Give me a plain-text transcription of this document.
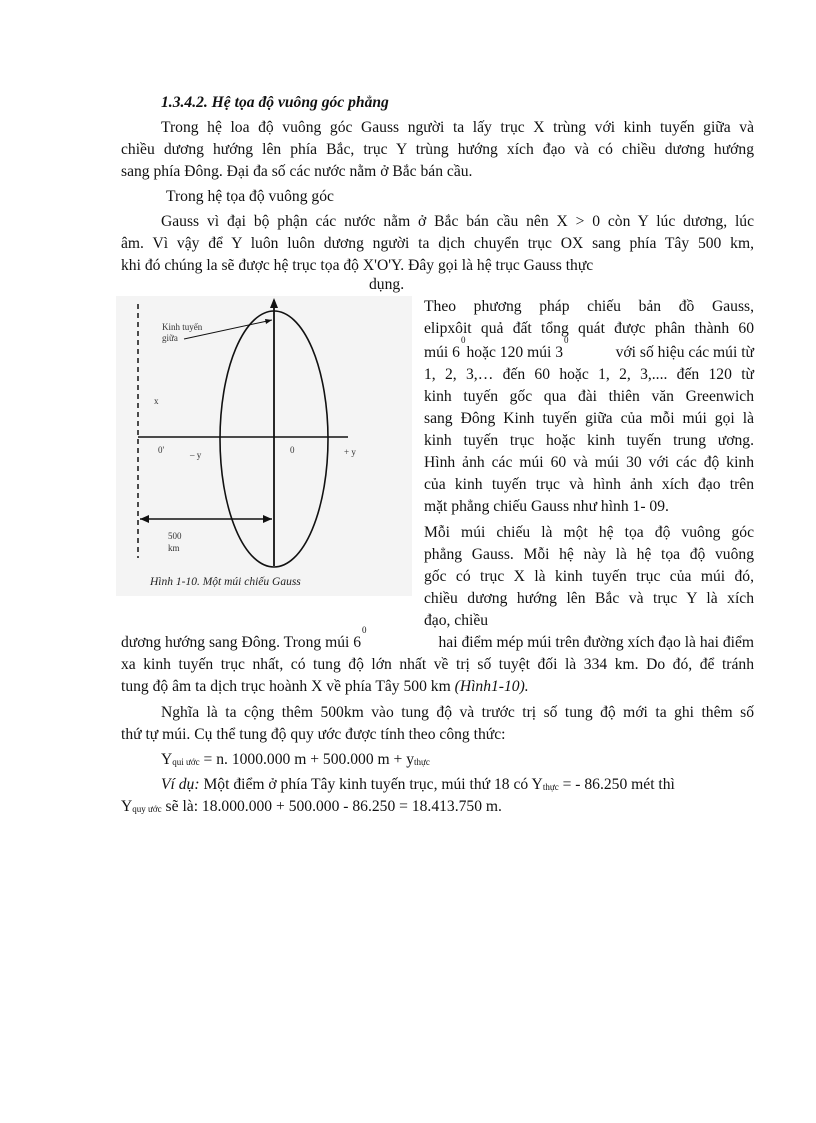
1.3.4.2. Hệ tọa độ vuông góc phẳng
Trong hệ loa độ vuông góc Gauss người ta lấy trục X trùng với kinh tuyến giữa và
chiều dương hướng lên phía Bắc, trục Y trùng hướng xích đạo và có chiều dương hướng
sang phía Đông. Đại đa số các nước nằm ở Bắc bán cầu.
Trong hệ tọa độ vuông góc
Gauss vì đại bộ phận các nước nằm ở Bắc bán cầu nên X > 0 còn Y lúc dương, lúc
âm. Vì vậy để Y luôn luôn dương người ta dịch chuyển trục OX sang phía Tây 500 km,
khi đó chúng la sẽ được hệ trục tọa độ X'O'Y. Đây gọi là hệ trục Gauss thực
dụng.
Kinh tuyến
giữa
x
0'	– y	0	+ y
500
km
Hình 1-10. Một múi chiếu Gauss
Theo phương pháp chiếu bản đồ Gauss,
elipxôit quả đất tổng quát được phân thành 60
múi $6^0hoặc$ 120 múi $3^0$
với số hiệu các múi từ
1, 2, 3,… đến 60 hoặc 1, 2, 3,.... đến 120 từ
kinh tuyến gốc qua đài thiên văn Greenwich
sang Đông Kinh tuyến giữa của mỗi múi gọi là
kinh tuyến trục hoặc kinh tuyến trung ương.
Hình ảnh các múi 60 và múi 30 với các độ kinh
của kinh tuyến trục và hình ảnh xích đạo trên
mặt phẳng chiếu Gauss như hình 1- 09.
Mỗi múi chiếu là một hệ tọa độ vuông góc
phẳng Gauss. Mỗi hệ này là hệ tọa độ vuông
gốc có trục X là kinh tuyến trục của múi đó,
chiều dương hướng lên Bắc và trục Y là xích
đạo, chiều
dương hướng sang Đông. Trong múi $6^0$
hai điểm mép múi trên đường xích đạo là hai điểm
xa kinh tuyến trục nhất, có tung độ lớn nhất về trị số tuyệt đối là 334 km. Do đó, để tránh
tung độ âm ta dịch trục hoành X về phía Tây 500 km (Hình1-10).
Nghĩa là ta cộng thêm 500km vào tung độ và trước trị số tung độ mới ta ghi thêm số
thứ tự múi. Cụ thể tung độ quy ước được tính theo công thức:
$Y_{qui ước} = n$. 1000.000 m + 500.000 $m + y_{thực}$
Ví dụ: Một điểm ở phía Tây kinh tuyến trục, múi thứ 18 có $Y_{thực}$ = - 86.250 mét thì
$Y_{quy ước}$ sẽ là: 18.000.000 + 500.000 - 86.250 = 18.413.750 m.
